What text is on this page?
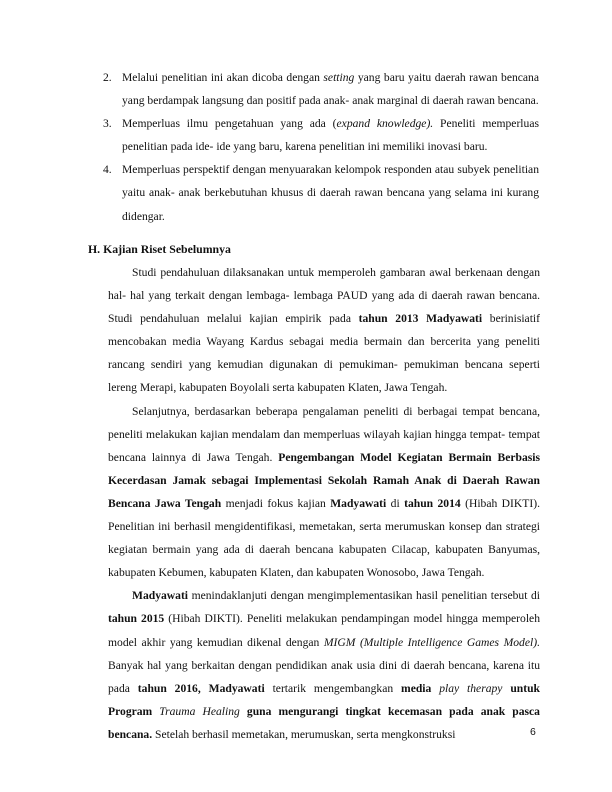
2. Melalui penelitian ini akan dicoba dengan setting yang baru yaitu daerah rawan bencana yang berdampak langsung dan positif pada anak- anak marginal di daerah rawan bencana.
3. Memperluas ilmu pengetahuan yang ada (expand knowledge). Peneliti memperluas penelitian pada ide- ide yang baru, karena penelitian ini memiliki inovasi baru.
4. Memperluas perspektif dengan menyuarakan kelompok responden atau subyek penelitian yaitu anak- anak berkebutuhan khusus di daerah rawan bencana yang selama ini kurang didengar.
H. Kajian Riset Sebelumnya

Studi pendahuluan dilaksanakan untuk memperoleh gambaran awal berkenaan dengan hal- hal yang terkait dengan lembaga- lembaga PAUD yang ada di daerah rawan bencana. Studi pendahuluan melalui kajian empirik pada tahun 2013 Madyawati berinisiatif mencobakan media Wayang Kardus sebagai media bermain dan bercerita yang peneliti rancang sendiri yang kemudian digunakan di pemukiman- pemukiman bencana seperti lereng Merapi, kabupaten Boyolali serta kabupaten Klaten, Jawa Tengah.

Selanjutnya, berdasarkan beberapa pengalaman peneliti di berbagai tempat bencana, peneliti melakukan kajian mendalam dan memperluas wilayah kajian hingga tempat- tempat bencana lainnya di Jawa Tengah. Pengembangan Model Kegiatan Bermain Berbasis Kecerdasan Jamak sebagai Implementasi Sekolah Ramah Anak di Daerah Rawan Bencana Jawa Tengah menjadi fokus kajian Madyawati di tahun 2014 (Hibah DIKTI). Penelitian ini berhasil mengidentifikasi, memetakan, serta merumuskan konsep dan strategi kegiatan bermain yang ada di daerah bencana kabupaten Cilacap, kabupaten Banyumas, kabupaten Kebumen, kabupaten Klaten, dan kabupaten Wonosobo, Jawa Tengah.

Madyawati menindaklanjuti dengan mengimplementasikan hasil penelitian tersebut di tahun 2015 (Hibah DIKTI). Peneliti melakukan pendampingan model hingga memperoleh model akhir yang kemudian dikenal dengan MIGM (Multiple Intelligence Games Model). Banyak hal yang berkaitan dengan pendidikan anak usia dini di daerah bencana, karena itu pada tahun 2016, Madyawati tertarik mengembangkan media play therapy untuk Program Trauma Healing guna mengurangi tingkat kecemasan pada anak pasca bencana. Setelah berhasil memetakan, merumuskan, serta mengkonstruksi	6
